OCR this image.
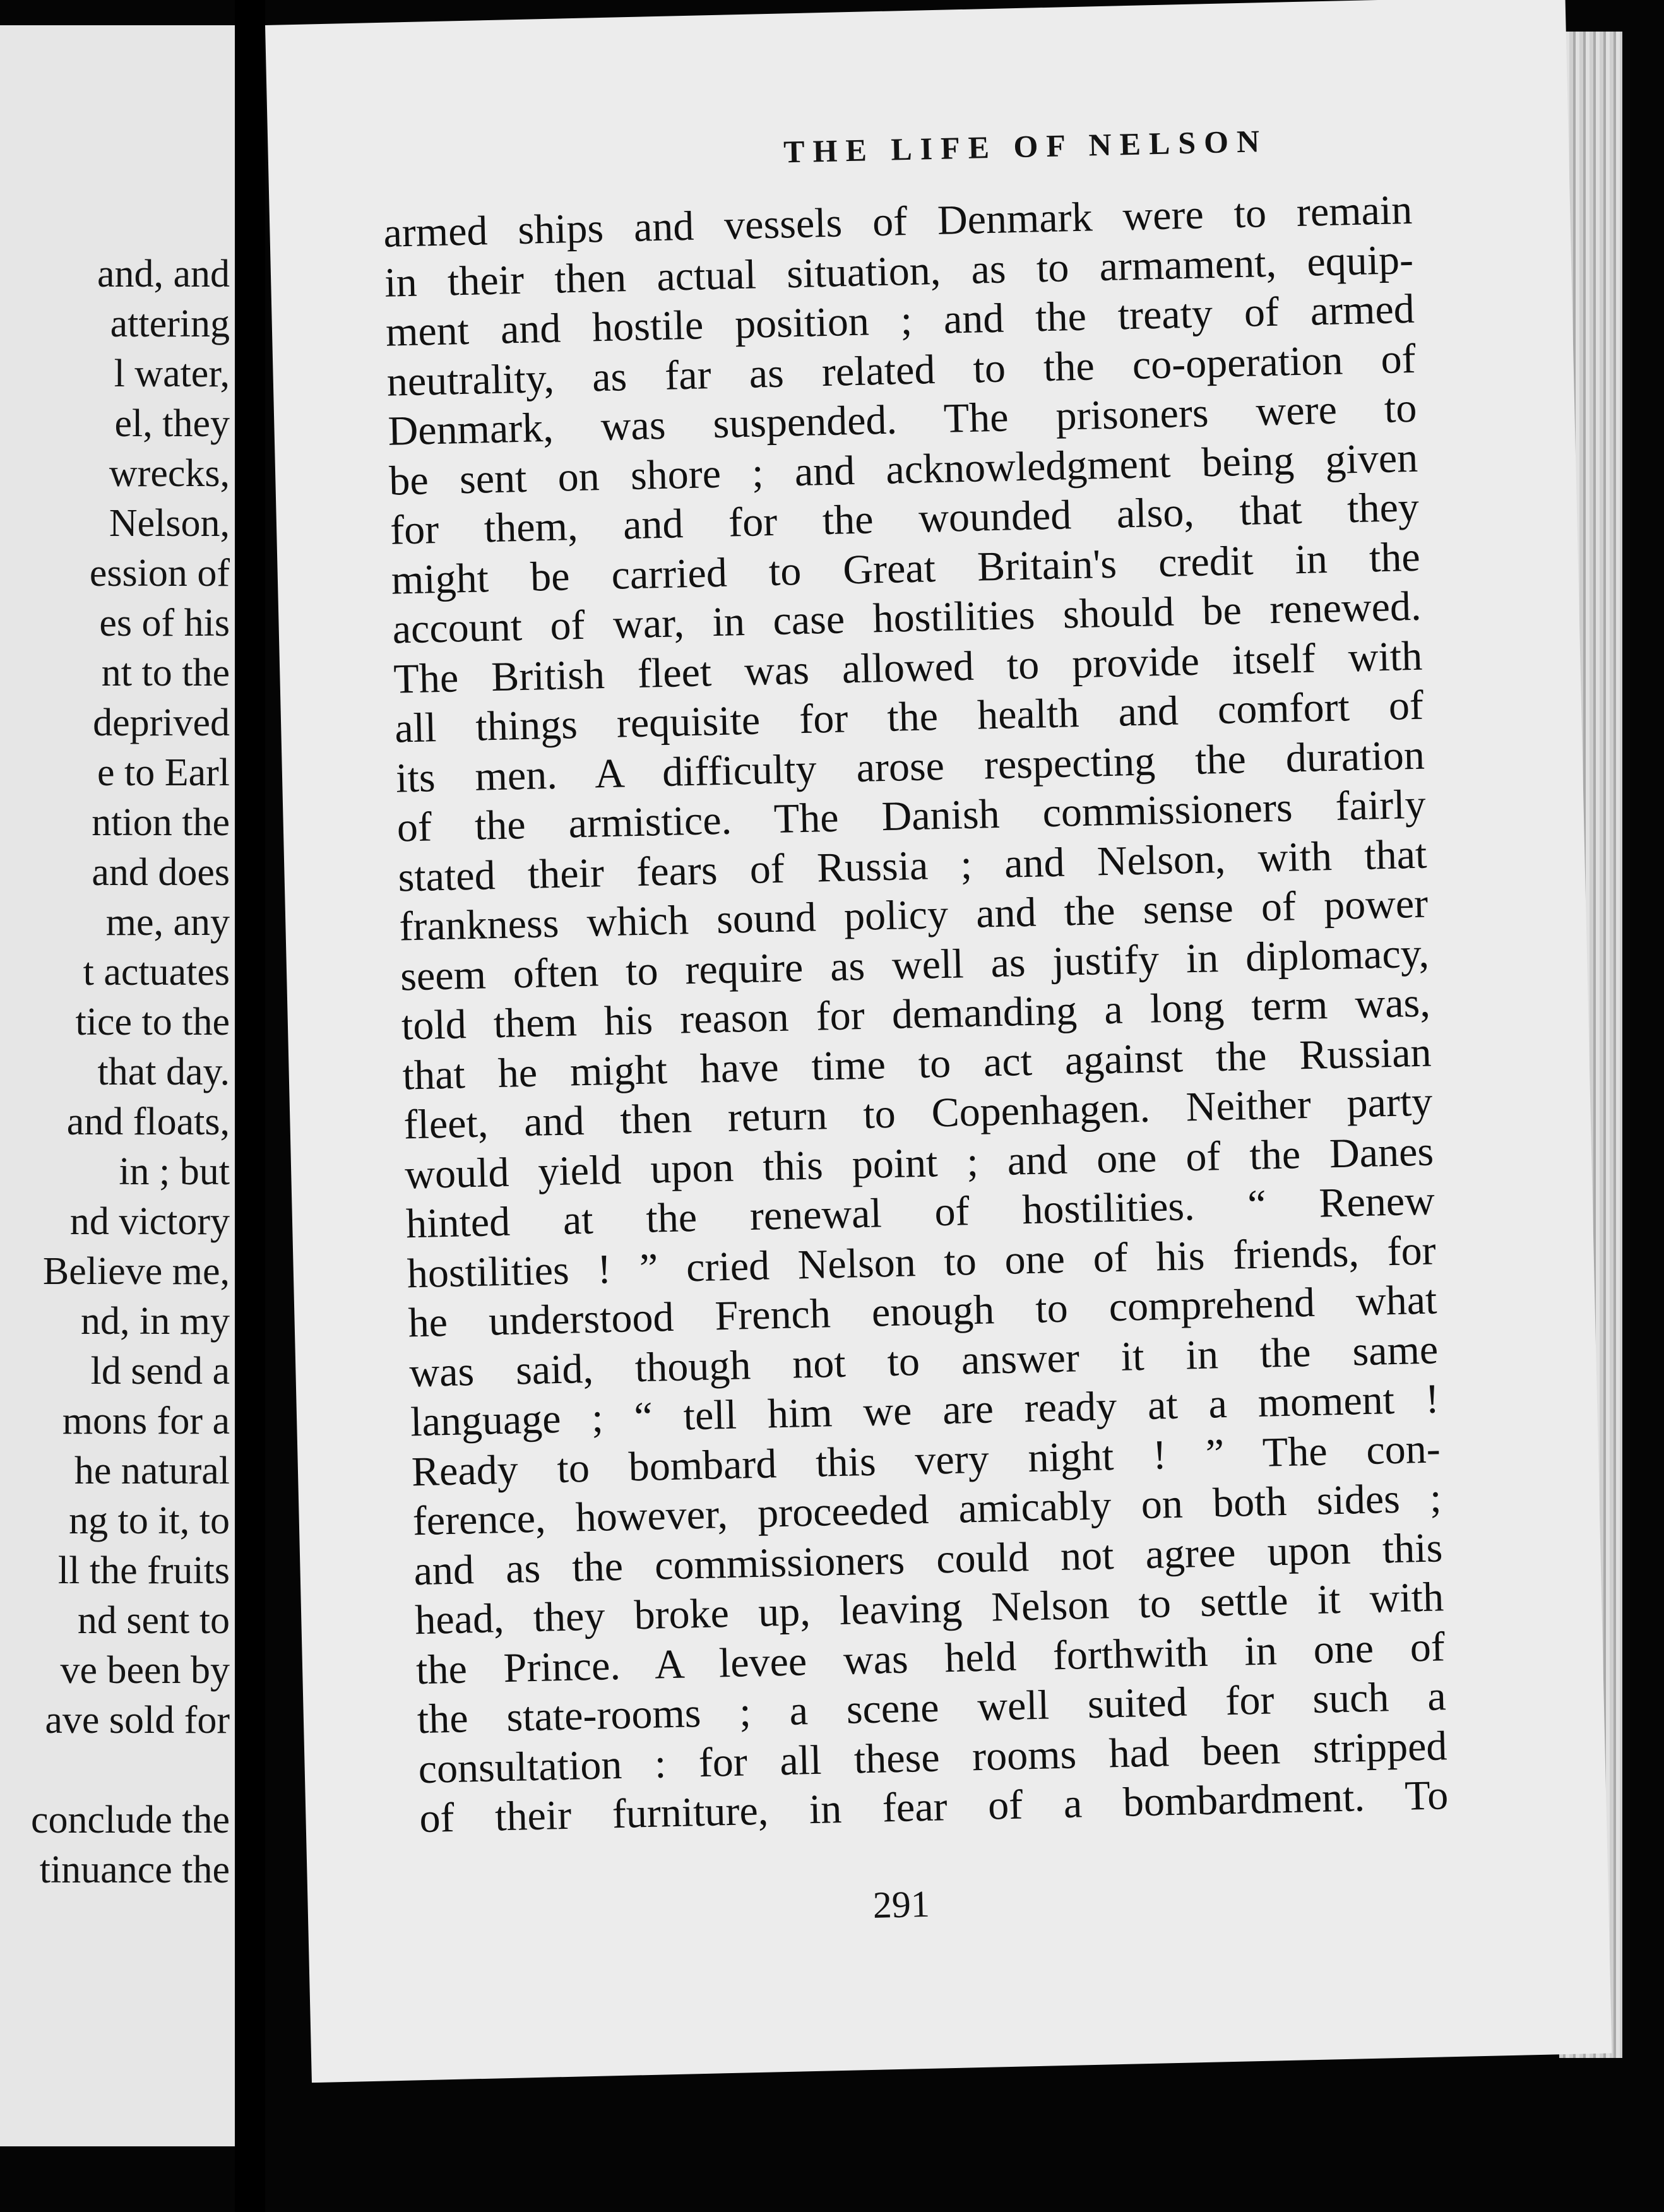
and, and
attering
l water,
el, they
wrecks,
Nelson,
ession of
es of his
nt to the
deprived
e to Earl
ntion the
and does
me, any
t actuates
tice to the
that day.
and floats,
in ; but
nd victory
Believe me,
nd, in my
ld send a
mons for a
he natural
ng to it, to
ll the fruits
nd sent to
ve been by
ave sold for
conclude the
tinuance the
THE LIFE OF NELSON
armed ships and vessels of Denmark were to remain
in their then actual situation, as to armament, equip-
ment and hostile position ; and the treaty of armed
neutrality, as far as related to the co-operation of
Denmark, was suspended. The prisoners were to
be sent on shore ; and acknowledgment being given
for them, and for the wounded also, that they
might be carried to Great Britain's credit in the
account of war, in case hostilities should be renewed.
The British fleet was allowed to provide itself with
all things requisite for the health and comfort of
its men. A difficulty arose respecting the duration
of the armistice. The Danish commissioners fairly
stated their fears of Russia ; and Nelson, with that
frankness which sound policy and the sense of power
seem often to require as well as justify in diplomacy,
told them his reason for demanding a long term was,
that he might have time to act against the Russian
fleet, and then return to Copenhagen. Neither party
would yield upon this point ; and one of the Danes
hinted at the renewal of hostilities. “ Renew
hostilities ! ” cried Nelson to one of his friends, for
he understood French enough to comprehend what
was said, though not to answer it in the same
language ; “ tell him we are ready at a moment !
Ready to bombard this very night ! ” The con-
ference, however, proceeded amicably on both sides ;
and as the commissioners could not agree upon this
head, they broke up, leaving Nelson to settle it with
the Prince. A levee was held forthwith in one of
the state-rooms ; a scene well suited for such a
consultation : for all these rooms had been stripped
of their furniture, in fear of a bombardment. To
291
